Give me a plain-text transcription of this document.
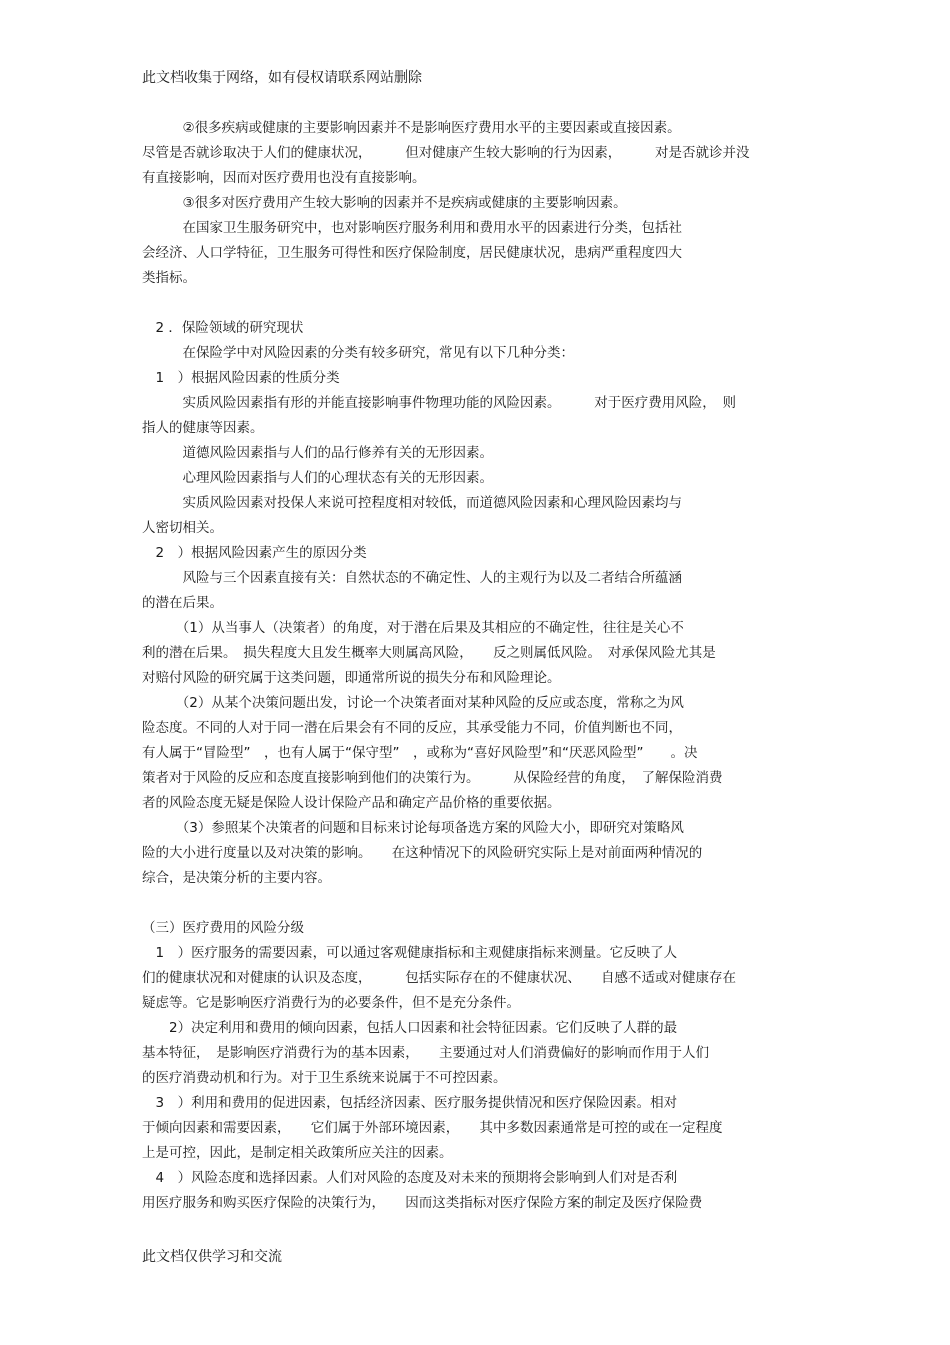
此文档收集于网络，如有侵权请联系网站删除
　　　②很多疾病或健康的主要影响因素并不是影响医疗费用水平的主要因素或直接因素。
尽管是否就诊取决于人们的健康状况，　　　但对健康产生较大影响的行为因素，　　　对是否就诊并没
有直接影响，因而对医疗费用也没有直接影响。
　　　③很多对医疗费用产生较大影响的因素并不是疾病或健康的主要影响因素。
　　　在国家卫生服务研究中，也对影响医疗服务利用和费用水平的因素进行分类，包括社
会经济、人口学特征，卫生服务可得性和医疗保险制度，居民健康状况，患病严重程度四大
类指标。
　2 ．保险领域的研究现状
　　　在保险学中对风险因素的分类有较多研究，常见有以下几种分类：
　1　）根据风险因素的性质分类
　　　实质风险因素指有形的并能直接影响事件物理功能的风险因素。　　　对于医疗费用风险，　则
指人的健康等因素。
　　　道德风险因素指与人们的品行修养有关的无形因素。
　　　心理风险因素指与人们的心理状态有关的无形因素。
　　　实质风险因素对投保人来说可控程度相对较低，而道德风险因素和心理风险因素均与
人密切相关。
　2　）根据风险因素产生的原因分类
　　　风险与三个因素直接有关：自然状态的不确定性、人的主观行为以及二者结合所蕴涵
的潜在后果。
　　　（1）从当事人（决策者）的角度，对于潜在后果及其相应的不确定性，往往是关心不
利的潜在后果。　损失程度大且发生概率大则属高风险，　　反之则属低风险。　对承保风险尤其是
对赔付风险的研究属于这类问题，即通常所说的损失分布和风险理论。
　　　（2）从某个决策问题出发，讨论一个决策者面对某种风险的反应或态度，常称之为风
险态度。不同的人对于同一潜在后果会有不同的反应，其承受能力不同，价值判断也不同，
有人属于“冒险型”　，也有人属于“保守型”　，或称为“喜好风险型”和“厌恶风险型”　　。决
策者对于风险的反应和态度直接影响到他们的决策行为。　　　从保险经营的角度，　了解保险消费
者的风险态度无疑是保险人设计保险产品和确定产品价格的重要依据。
　　　（3）参照某个决策者的问题和目标来讨论每项备选方案的风险大小，即研究对策略风
险的大小进行度量以及对决策的影响。　　在这种情况下的风险研究实际上是对前面两种情况的
综合，是决策分析的主要内容。
（三）医疗费用的风险分级
　1　）医疗服务的需要因素，可以通过客观健康指标和主观健康指标来测量。它反映了人
们的健康状况和对健康的认识及态度，　　　包括实际存在的不健康状况、　　自感不适或对健康存在
疑虑等。它是影响医疗消费行为的必要条件，但不是充分条件。
　　2）决定利用和费用的倾向因素，包括人口因素和社会特征因素。它们反映了人群的最
基本特征，　是影响医疗消费行为的基本因素，　　主要通过对人们消费偏好的影响而作用于人们
的医疗消费动机和行为。对于卫生系统来说属于不可控因素。
　3　）利用和费用的促进因素，包括经济因素、医疗服务提供情况和医疗保险因素。相对
于倾向因素和需要因素，　　它们属于外部环境因素，　　其中多数因素通常是可控的或在一定程度
上是可控，因此，是制定相关政策所应关注的因素。
　4　）风险态度和选择因素。人们对风险的态度及对未来的预期将会影响到人们对是否利
用医疗服务和购买医疗保险的决策行为，　　因而这类指标对医疗保险方案的制定及医疗保险费
此文档仅供学习和交流
